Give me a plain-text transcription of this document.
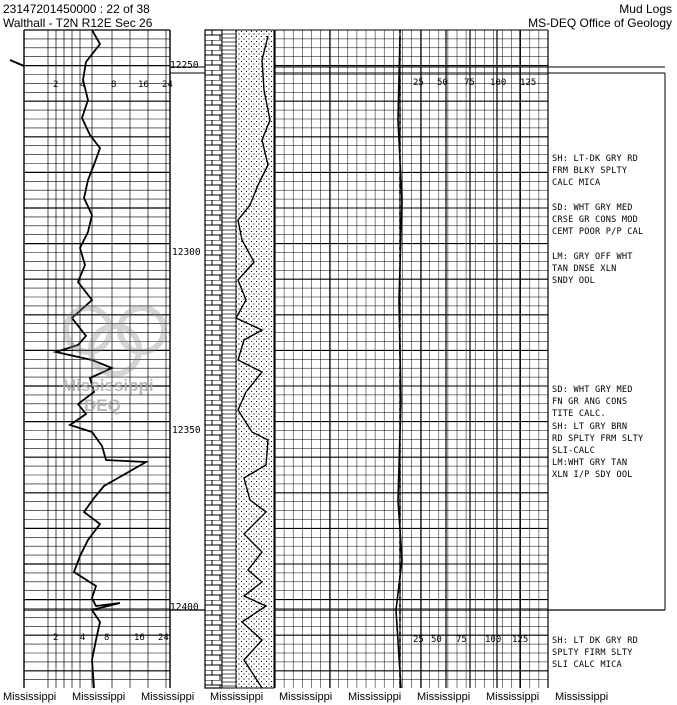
23147201450000 : 22 of 38
Walthall - T2N R12E Sec 26
Mud Logs
MS-DEQ Office of Geology
Mississippi
DEQ
12250
12300
12350
12400
2 4	8 16 24
2 4 8	16 24
25 50 75 100 125
25 50 75 100 125
SH: LT-DK GRY RD
FRM BLKY SPLTY
CALC MICA
SD: WHT GRY MED
CRSE GR CONS MOD
CEMT POOR P/P CAL
LM: GRY OFF WHT
TAN DNSE XLN
SNDY OOL
SD: WHT GRY MED
FN GR ANG CONS
TITE CALC.
SH: LT GRY BRN
RD SPLTY FRM SLTY
SLI-CALC
LM:WHT GRY TAN
XLN I/P SDY OOL
SH: LT DK GRY RD
SPLTY FIRM SLTY
SLI CALC MICA
Mississippi Mississippi Mississippi Mississippi Mississippi Mississippi Mississippi Mississippi Mississippi
